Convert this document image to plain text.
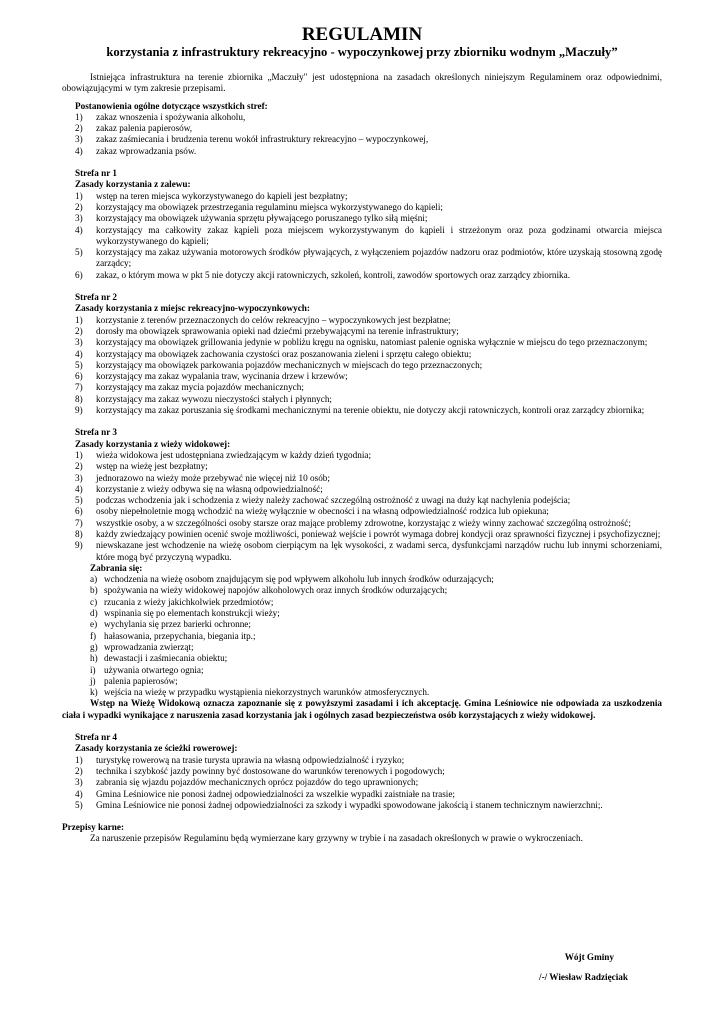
REGULAMIN
korzystania z infrastruktury rekreacyjno - wypoczynkowej przy zbiorniku wodnym „Maczuły”

Istniejąca infrastruktura na terenie zbiornika „Maczuły" jest udostępniona na zasadach określonych niniejszym Regulaminem oraz odpowiednimi, obowiązującymi w tym zakresie przepisami.

Postanowienia ogólne dotyczące wszystkich stref:

1) zakaz wnoszenia i spożywania alkoholu,
2) zakaz palenia papierosów,
3) zakaz zaśmiecania i brudzenia terenu wokół infrastruktury rekreacyjno – wypoczynkowej,
4) zakaz wprowadzania psów.

Strefa nr 1

Zasady korzystania z zalewu:

1) wstęp na teren miejsca wykorzystywanego do kąpieli jest bezpłatny;
2) korzystający ma obowiązek przestrzegania regulaminu miejsca wykorzystywanego do kąpieli;
3) korzystający ma obowiązek używania sprzętu pływającego poruszanego tylko siłą mięśni;
4) korzystający ma całkowity zakaz kąpieli poza miejscem wykorzystywanym do kąpieli i strzeżonym oraz poza godzinami otwarcia miejsca wykorzystywanego do kąpieli;
5) korzystający ma zakaz używania motorowych środków pływających, z wyłączeniem pojazdów nadzoru oraz podmiotów, które uzyskają stosowną zgodę zarządcy;
6) zakaz, o którym mowa w pkt 5 nie dotyczy akcji ratowniczych, szkoleń, kontroli, zawodów sportowych oraz zarządcy zbiornika.

Strefa nr 2

Zasady korzystania z miejsc rekreacyjno-wypoczynkowych:

1) korzystanie z terenów przeznaczonych do celów rekreacyjno – wypoczynkowych jest bezpłatne;
2) dorosły ma obowiązek sprawowania opieki nad dziećmi przebywającymi na terenie infrastruktury;
3) korzystający ma obowiązek grillowania jedynie w pobliżu kręgu na ognisku, natomiast palenie ogniska wyłącznie w miejscu do tego przeznaczonym;
4) korzystający ma obowiązek zachowania czystości oraz poszanowania zieleni i sprzętu całego obiektu;
5) korzystający ma obowiązek parkowania pojazdów mechanicznych w miejscach do tego przeznaczonych;
6) korzystający ma zakaz wypalania traw, wycinania drzew i krzewów;
7) korzystający ma zakaz mycia pojazdów mechanicznych;
8) korzystający ma zakaz wywozu nieczystości stałych i płynnych;
9) korzystający ma zakaz poruszania się środkami mechanicznymi na terenie obiektu, nie dotyczy akcji ratowniczych, kontroli oraz zarządcy zbiornika;

Strefa nr 3

Zasady korzystania z wieży widokowej:

1) wieża widokowa jest udostępniana zwiedzającym w każdy dzień tygodnia;
2) wstęp na wieżę jest bezpłatny;
3) jednorazowo na wieży może przebywać nie więcej niż 10 osób;
4) korzystanie z wieży odbywa się na własną odpowiedzialność;
5) podczas wchodzenia jak i schodzenia z wieży należy zachować szczególną ostrożność z uwagi na duży kąt nachylenia podejścia;
6) osoby niepełnoletnie mogą wchodzić na wieżę wyłącznie w obecności i na własną odpowiedzialność rodzica lub opiekuna;
7) wszystkie osoby, a w szczególności osoby starsze oraz mające problemy zdrowotne, korzystając z wieży winny zachować szczególną ostrożność;
8) każdy zwiedzający powinien ocenić swoje możliwości, ponieważ wejście i powrót wymaga dobrej kondycji oraz sprawności fizycznej i psychofizycznej;
9) niewskazane jest wchodzenie na wieżę osobom cierpiącym na lęk wysokości, z wadami serca, dysfunkcjami narządów ruchu lub innymi schorzeniami, które mogą być przyczyną wypadku.

Zabrania się:

a) wchodzenia na wieżę osobom znajdującym się pod wpływem alkoholu lub innych środków odurzających;
b) spożywania na wieży widokowej napojów alkoholowych oraz innych środków odurzających;
c) rzucania z wieży jakichkolwiek przedmiotów;
d) wspinania się po elementach konstrukcji wieży;
e) wychylania się przez barierki ochronne;
f) hałasowania, przepychania, biegania itp.;
g) wprowadzania zwierząt;
h) dewastacji i zaśmiecania obiektu;
i) używania otwartego ognia;
j) palenia papierosów;
k) wejścia na wieżę w przypadku wystąpienia niekorzystnych warunków atmosferycznych.

Wstęp na Wieżę Widokową oznacza zapoznanie się z powyższymi zasadami i ich akceptację. Gmina Leśniowice nie odpowiada za uszkodzenia ciała i wypadki wynikające z naruszenia zasad korzystania jak i ogólnych zasad bezpieczeństwa osób korzystających z wieży widokowej.

Strefa nr 4

Zasady korzystania ze ścieżki rowerowej:

1) turystykę rowerową na trasie turysta uprawia na własną odpowiedzialność i ryzyko;
2) technika i szybkość jazdy powinny być dostosowane do warunków terenowych i pogodowych;
3) zabrania się wjazdu pojazdów mechanicznych oprócz pojazdów do tego uprawnionych;
4) Gmina Leśniowice nie ponosi żadnej odpowiedzialności za wszelkie wypadki zaistniałe na trasie;
5) Gmina Leśniowice nie ponosi żadnej odpowiedzialności za szkody i wypadki spowodowane jakością i stanem technicznym nawierzchni;.

Przepisy karne:

Za naruszenie przepisów Regulaminu będą wymierzane kary grzywny w trybie i na zasadach określonych w prawie o wykroczeniach.

Wójt Gminy
/-/ Wiesław Radzięciak
